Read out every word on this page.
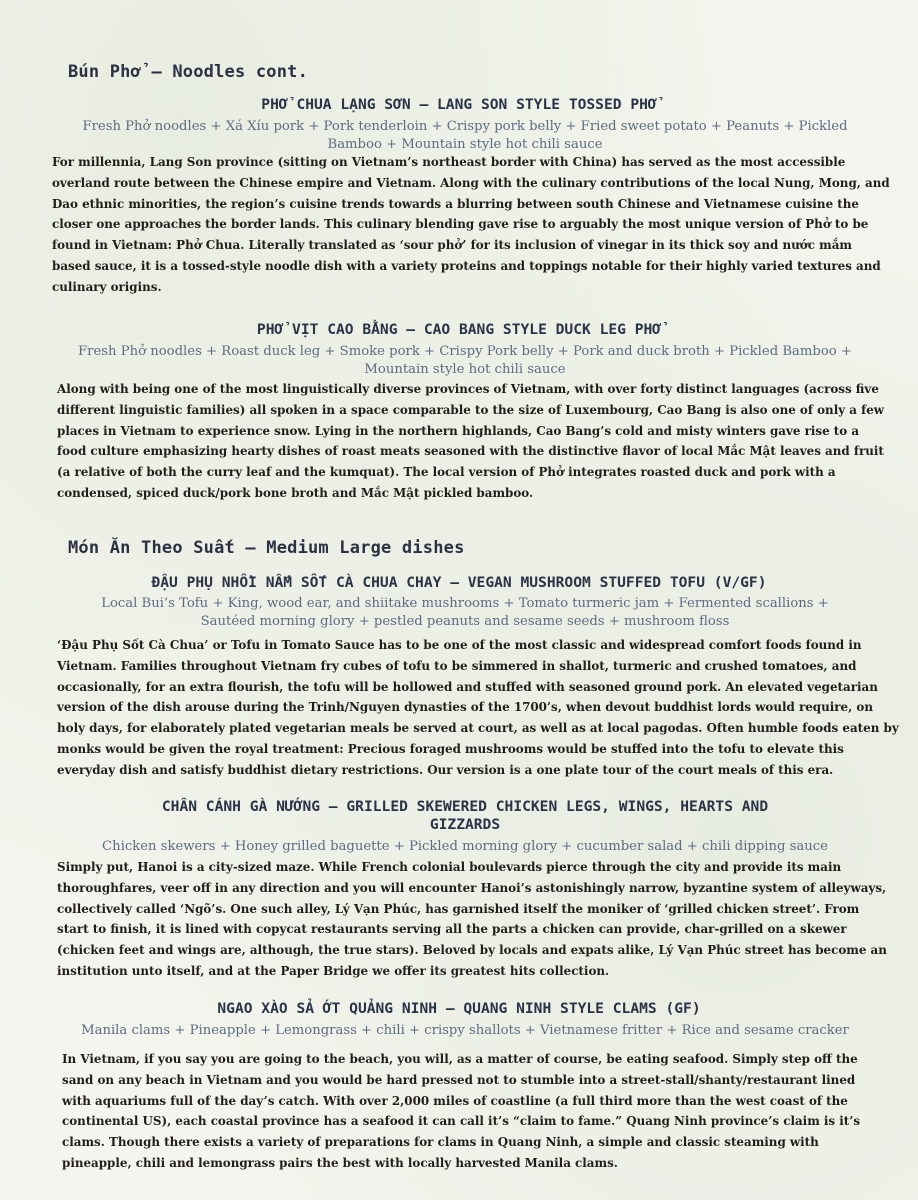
Bún Phở – Noodles cont.
PHỞ CHUA LẠNG SƠN – LANG SON STYLE TOSSED PHỞ

Fresh Phở noodles + Xá Xíu pork + Pork tenderloin + Crispy pork belly + Fried sweet potato + Peanuts + Pickled Bamboo + Mountain style hot chili sauce

For millennia, Lang Son province (sitting on Vietnam’s northeast border with China) has served as the most accessible overland route between the Chinese empire and Vietnam. Along with the culinary contributions of the local Nung, Mong, and Dao ethnic minorities, the region’s cuisine trends towards a blurring between south Chinese and Vietnamese cuisine the closer one approaches the border lands. This culinary blending gave rise to arguably the most unique version of Phở to be found in Vietnam: Phở Chua. Literally translated as ‘sour phở’ for its inclusion of vinegar in its thick soy and nước mắm based sauce, it is a tossed-style noodle dish with a variety proteins and toppings notable for their highly varied textures and culinary origins.

PHỞ VỊT CAO BẰNG – CAO BANG STYLE DUCK LEG PHỞ

Fresh Phở noodles + Roast duck leg + Smoke pork + Crispy Pork belly + Pork and duck broth + Pickled Bamboo + Mountain style hot chili sauce

Along with being one of the most linguistically diverse provinces of Vietnam, with over forty distinct languages (across five different linguistic families) all spoken in a space comparable to the size of Luxembourg, Cao Bang is also one of only a few places in Vietnam to experience snow. Lying in the northern highlands, Cao Bang’s cold and misty winters gave rise to a food culture emphasizing hearty dishes of roast meats seasoned with the distinctive flavor of local Mắc Mật leaves and fruit (a relative of both the curry leaf and the kumquat). The local version of Phở integrates roasted duck and pork with a condensed, spiced duck/pork bone broth and Mắc Mật pickled bamboo.

Món Ăn Theo Suất – Medium Large dishes
ĐẬU PHỤ NHỒI NẤM SỐT CÀ CHUA CHAY – VEGAN MUSHROOM STUFFED TOFU (V/GF)

Local Bui’s Tofu + King, wood ear, and shiitake mushrooms + Tomato turmeric jam + Fermented scallions + Sautéed morning glory + pestled peanuts and sesame seeds + mushroom floss

‘Đậu Phụ Sốt Cà Chua’ or Tofu in Tomato Sauce has to be one of the most classic and widespread comfort foods found in Vietnam. Families throughout Vietnam fry cubes of tofu to be simmered in shallot, turmeric and crushed tomatoes, and occasionally, for an extra flourish, the tofu will be hollowed and stuffed with seasoned ground pork. An elevated vegetarian version of the dish arouse during the Trinh/Nguyen dynasties of the 1700’s, when devout buddhist lords would require, on holy days, for elaborately plated vegetarian meals be served at court, as well as at local pagodas. Often humble foods eaten by monks would be given the royal treatment: Precious foraged mushrooms would be stuffed into the tofu to elevate this everyday dish and satisfy buddhist dietary restrictions. Our version is a one plate tour of the court meals of this era.

CHÂN CÁNH GÀ NƯỚNG – GRILLED SKEWERED CHICKEN LEGS, WINGS, HEARTS AND GIZZARDS

Chicken skewers + Honey grilled baguette + Pickled morning glory + cucumber salad + chili dipping sauce

Simply put, Hanoi is a city-sized maze. While French colonial boulevards pierce through the city and provide its main thoroughfares, veer off in any direction and you will encounter Hanoi’s astonishingly narrow, byzantine system of alleyways, collectively called ‘Ngõ’s. One such alley, Lý Vạn Phúc, has garnished itself the moniker of ‘grilled chicken street’. From start to finish, it is lined with copycat restaurants serving all the parts a chicken can provide, char-grilled on a skewer (chicken feet and wings are, although, the true stars). Beloved by locals and expats alike, Lý Vạn Phúc street has become an institution unto itself, and at the Paper Bridge we offer its greatest hits collection.

NGAO XÀO SẢ ỚT QUẢNG NINH – QUANG NINH STYLE CLAMS (GF)

Manila clams + Pineapple + Lemongrass + chili + crispy shallots + Vietnamese fritter + Rice and sesame cracker

In Vietnam, if you say you are going to the beach, you will, as a matter of course, be eating seafood. Simply step off the sand on any beach in Vietnam and you would be hard pressed not to stumble into a street-stall/shanty/restaurant lined with aquariums full of the day’s catch. With over 2,000 miles of coastline (a full third more than the west coast of the continental US), each coastal province has a seafood it can call it’s “claim to fame.” Quang Ninh province’s claim is it’s clams. Though there exists a variety of preparations for clams in Quang Ninh, a simple and classic steaming with pineapple, chili and lemongrass pairs the best with locally harvested Manila clams.
